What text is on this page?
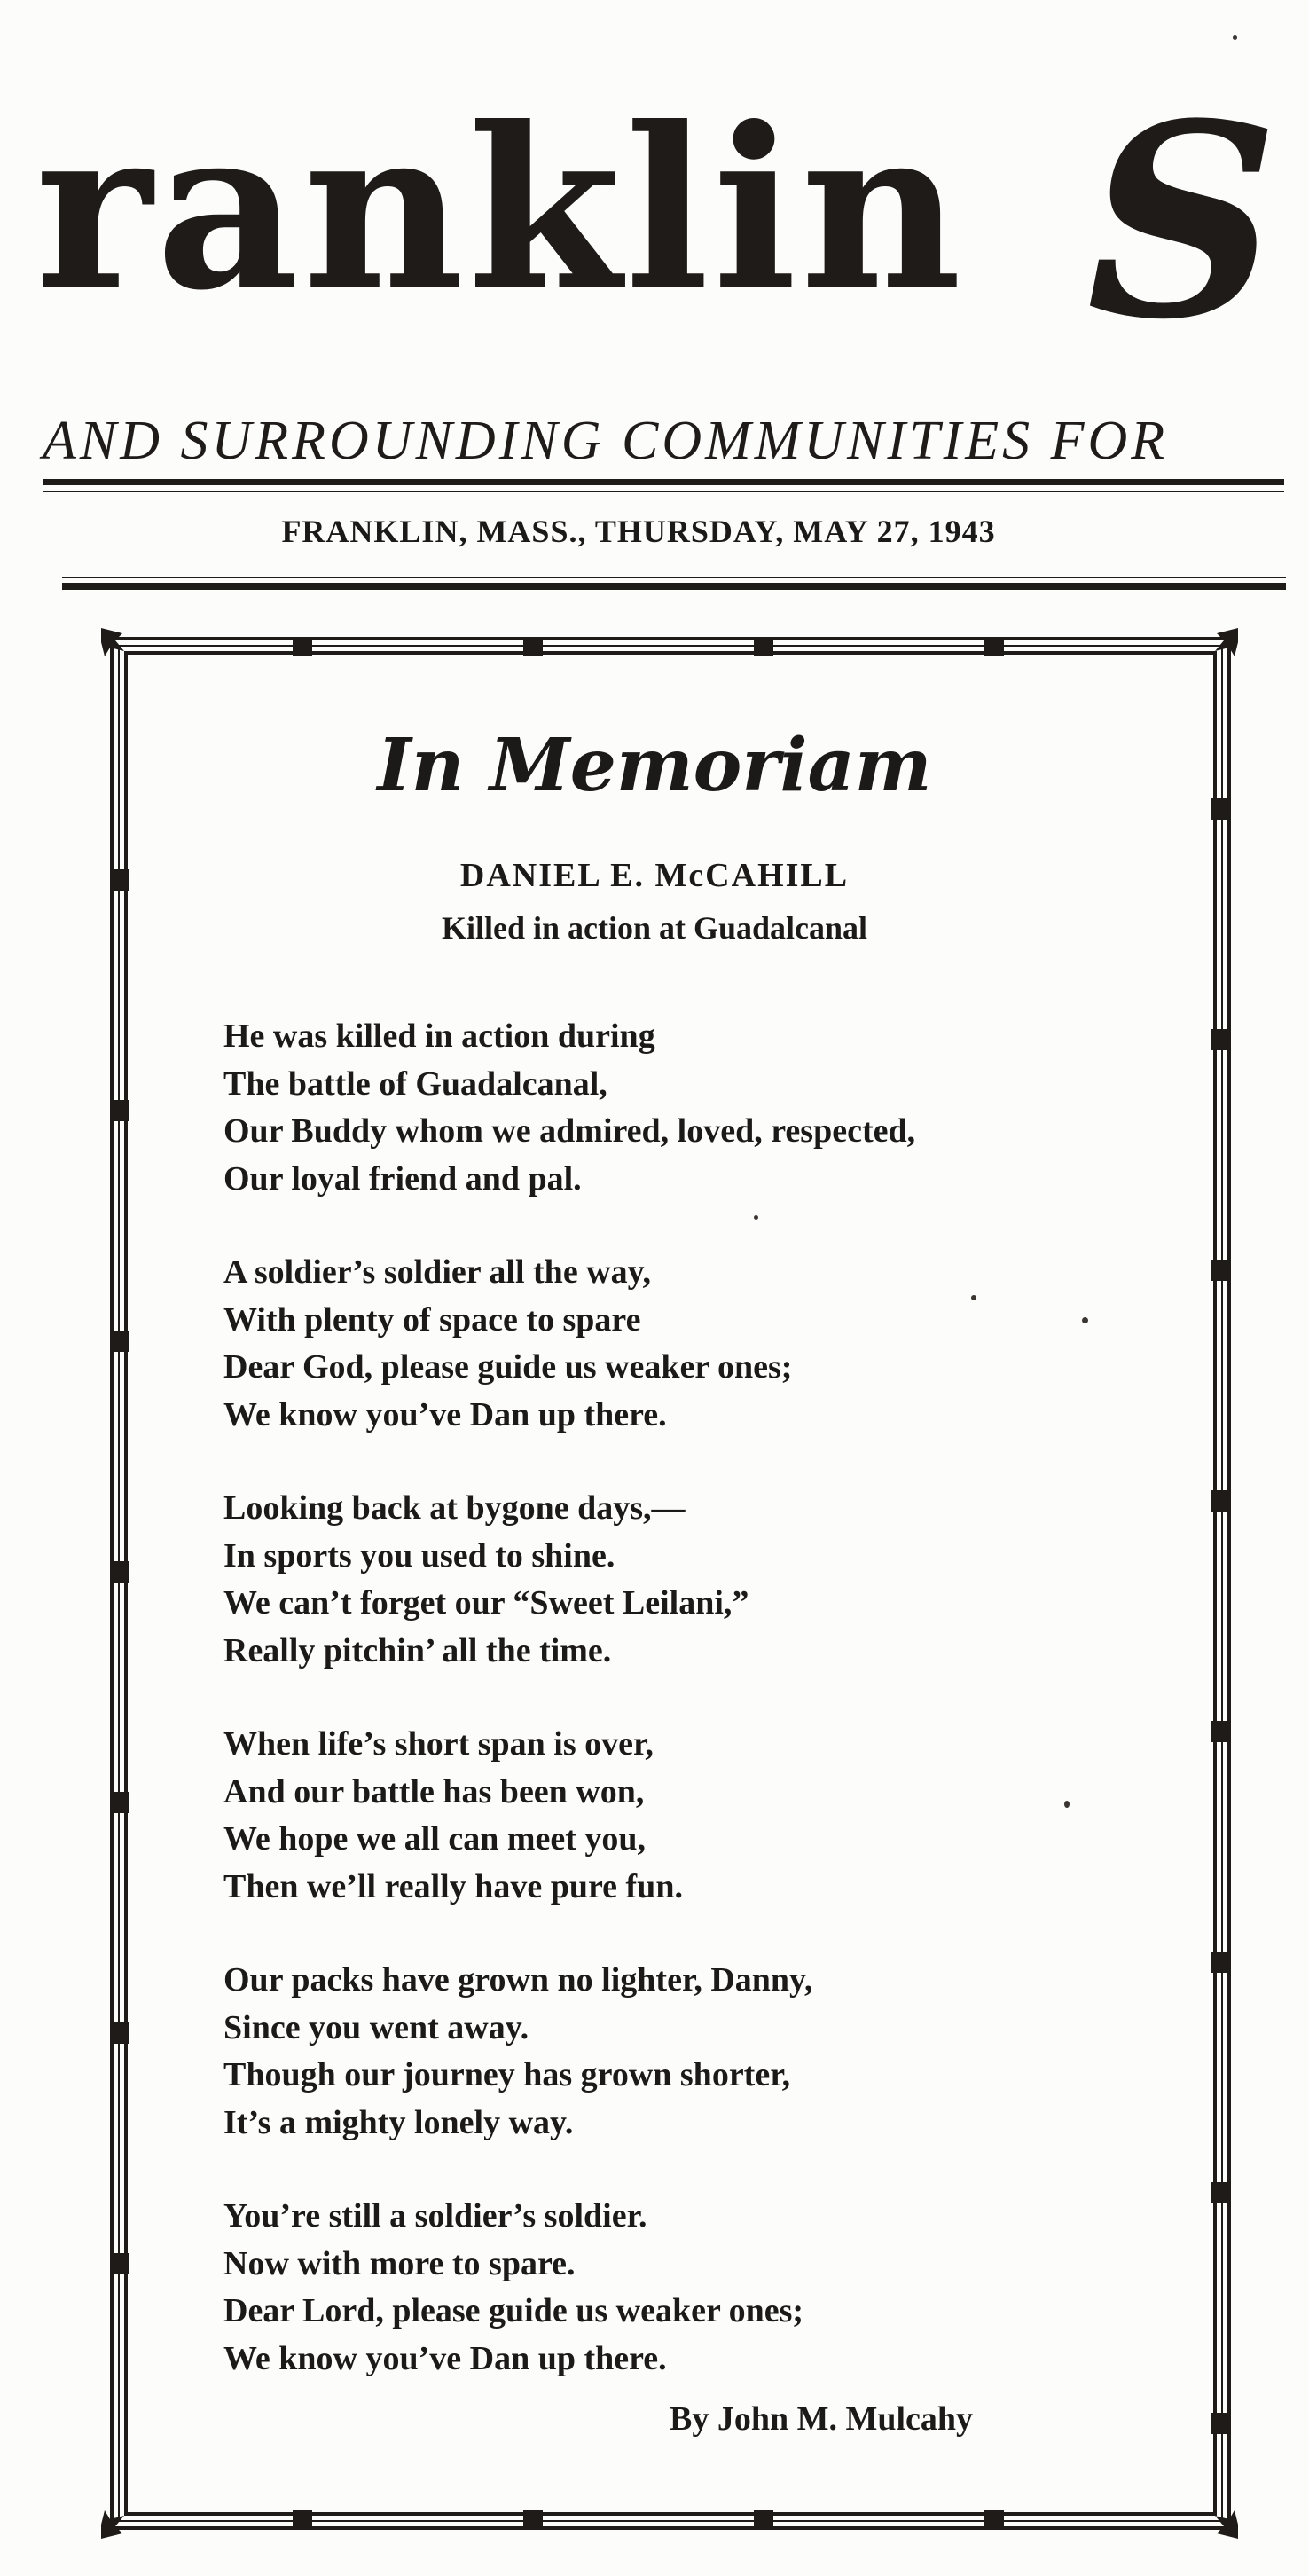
ranklin S
AND SURROUNDING COMMUNITIES FOR
FRANKLIN, MASS., THURSDAY, MAY 27, 1943
In Memoriam
DANIEL E. McCAHILL
Killed in action at Guadalcanal
He was killed in action during
The battle of Guadalcanal,
Our Buddy whom we admired, loved, respected,
Our loyal friend and pal.
A soldier’s soldier all the way,
With plenty of space to spare
Dear God, please guide us weaker ones;
We know you’ve Dan up there.
Looking back at bygone days,—
In sports you used to shine.
We can’t forget our “Sweet Leilani,”
Really pitchin’ all the time.
When life’s short span is over,
And our battle has been won,
We hope we all can meet you,
Then we’ll really have pure fun.
Our packs have grown no lighter, Danny,
Since you went away.
Though our journey has grown shorter,
It’s a mighty lonely way.
You’re still a soldier’s soldier.
Now with more to spare.
Dear Lord, please guide us weaker ones;
We know you’ve Dan up there.
By John M. Mulcahy
